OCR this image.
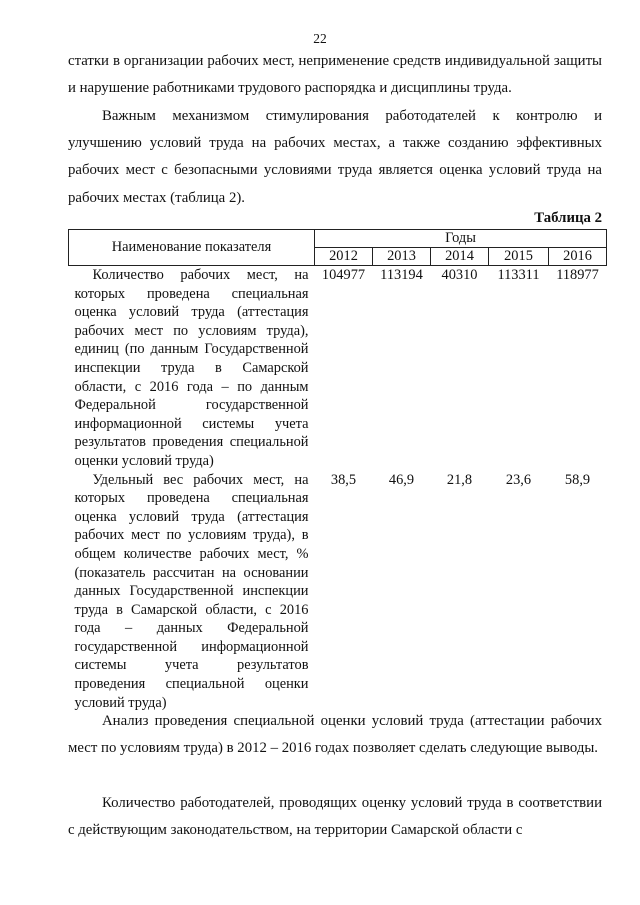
22

статки в организации рабочих мест, неприменение средств индивидуальной защиты и нарушение работниками трудового распорядка и дисциплины труда.

Важным механизмом стимулирования работодателей к контролю и улучшению условий труда на рабочих местах, а также созданию эффективных рабочих мест с безопасными условиями труда является оценка условий труда на рабочих местах (таблица 2).

Таблица 2
Наименование показателя	Годы				
	2012	2013	2014	2015	2016

Количество рабочих мест, на которых проведена специальная оценка условий труда (аттестация рабочих мест по условиям труда), единиц (по данным Государственной инспекции труда в Самарской области, с 2016 года – по данным Федеральной государственной информационной системы учета результатов проведения специальной оценки условий труда)	104977	113194	40310	113311	118977

Удельный вес рабочих мест, на которых проведена специальная оценка условий труда (аттестация рабочих мест по условиям труда), в общем количестве рабочих мест, % (показатель рассчитан на основании данных Государственной инспекции труда в Самарской области, с 2016 года – данных Федеральной государственной информационной системы учета результатов проведения специальной оценки условий труда)	38,5	46,9	21,8	23,6	58,9

Анализ проведения специальной оценки условий труда (аттестации рабочих мест по условиям труда) в 2012 – 2016 годах позволяет сделать следующие выводы.

Количество работодателей, проводящих оценку условий труда в соответствии с действующим законодательством, на территории Самарской области с
